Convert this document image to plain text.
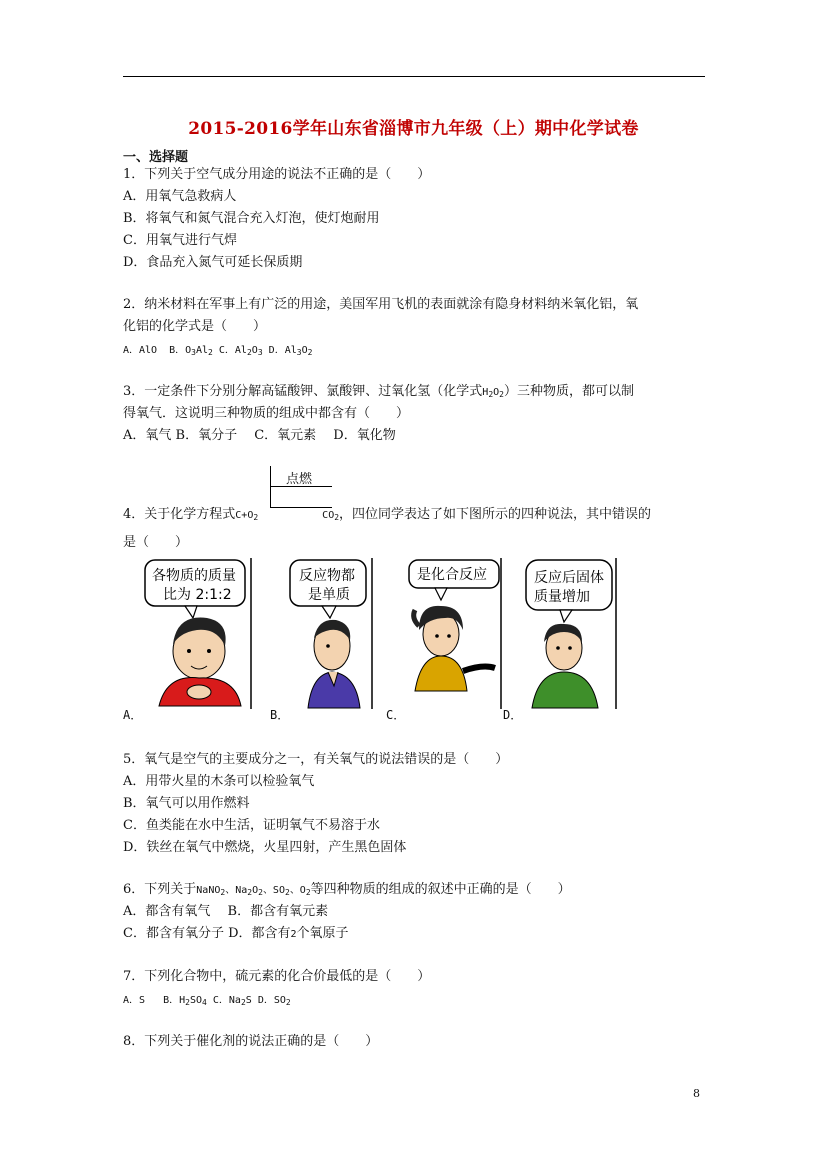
2015-2016学年山东省淄博市九年级（上）期中化学试卷
一、选择题
1．下列关于空气成分用途的说法不正确的是（　　）
A．用氧气急救病人
B．将氧气和氮气混合充入灯泡，使灯炮耐用
C．用氧气进行气焊
D．食品充入氮气可延长保质期
2．纳米材料在军事上有广泛的用途，美国军用飞机的表面就涂有隐身材料纳米氧化铝，氧
化铝的化学式是（　　）
A．AlO  B．$O_3Al_2$ C．$Al_2O_3$ D．$Al_3O_2$
3．一定条件下分别分解高锰酸钾、氯酸钾、过氧化氢（化学式$H_2O_2$）三种物质，都可以制
得氧气．这说明三种物质的组成中都含有（　　）
A．氧气 B．氧分子　 C．氧元素　 D．氧化物
点燃
4．关于化学方程式$C+O_2$	$CO_2$，四位同学表达了如下图所示的四种说法，其中错误的
是（　　）
各物质的质量
比为 2:1:2
反应物都
是单质
是化合反应	反应后固体
质量增加
A．	B．	C．	D．
5．氧气是空气的主要成分之一，有关氧气的说法错误的是（　　）
A．用带火星的木条可以检验氧气
B．氧气可以用作燃料
C．鱼类能在水中生活，证明氧气不易溶于水
D．铁丝在氧气中燃烧，火星四射，产生黑色固体
6．下列关于NaNO$_2$、$Na_2O_2$、$SO_2$、$O_2$等四种物质的组成的叙述中正确的是（　　）
A．都含有氧气　 B．都含有氧元素
C．都含有氧分子 D．都含有2个氧原子
7．下列化合物中，硫元素的化合价最低的是（　　）
A．S   B．$H_2SO_4$ C．$Na_2S$ D．$SO_2$
8．下列关于催化剂的说法正确的是（　　）
8
